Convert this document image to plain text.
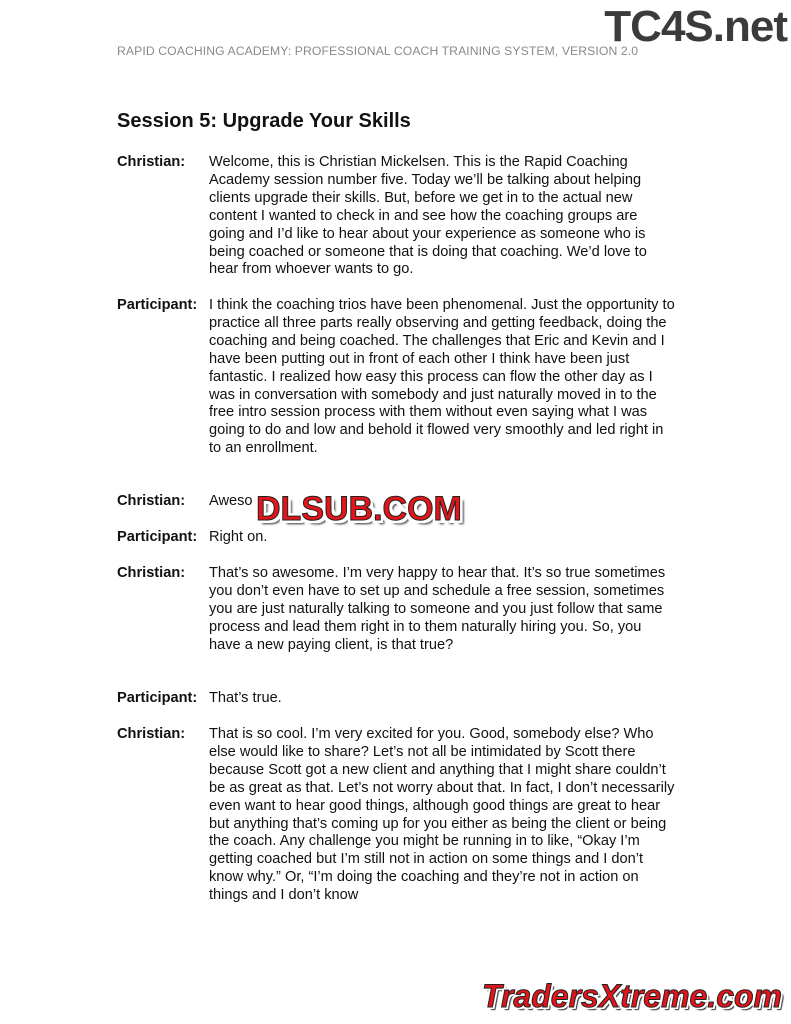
RAPID COACHING ACADEMY: PROFESSIONAL COACH TRAINING SYSTEM, VERSION 2.0
TC4S.net
Session 5: Upgrade Your Skills
Christian: Welcome, this is Christian Mickelsen. This is the Rapid Coaching Academy session number five. Today we’ll be talking about helping clients upgrade their skills. But, before we get in to the actual new content I wanted to check in and see how the coaching groups are going and I’d like to hear about your experience as someone who is being coached or someone that is doing that coaching. We’d love to hear from whoever wants to go.
Participant: I think the coaching trios have been phenomenal. Just the opportunity to practice all three parts really observing and getting feedback, doing the coaching and being coached. The challenges that Eric and Kevin and I have been putting out in front of each other I think have been just fantastic. I realized how easy this process can flow the other day as I was in conversation with somebody and just naturally moved in to the free intro session process with them without even saying what I was going to do and low and behold it flowed very smoothly and led right in to an enrollment.
Christian: Aweso
Participant: Right on.
Christian: That’s so awesome. I’m very happy to hear that. It’s so true sometimes you don’t even have to set up and schedule a free session, sometimes you are just naturally talking to someone and you just follow that same process and lead them right in to them naturally hiring you. So, you have a new paying client, is that true?
Participant: That’s true.
Christian: That is so cool. I’m very excited for you. Good, somebody else? Who else would like to share? Let’s not all be intimidated by Scott there because Scott got a new client and anything that I might share couldn’t be as great as that. Let’s not worry about that. In fact, I don’t necessarily even want to hear good things, although good things are great to hear but anything that’s coming up for you either as being the client or being the coach. Any challenge you might be running in to like, “Okay I’m getting coached but I’m still not in action on some things and I don’t know why.” Or, “I’m doing the coaching and they’re not in action on things and I don’t know
DLSUB.COM
TradersXtreme.com
